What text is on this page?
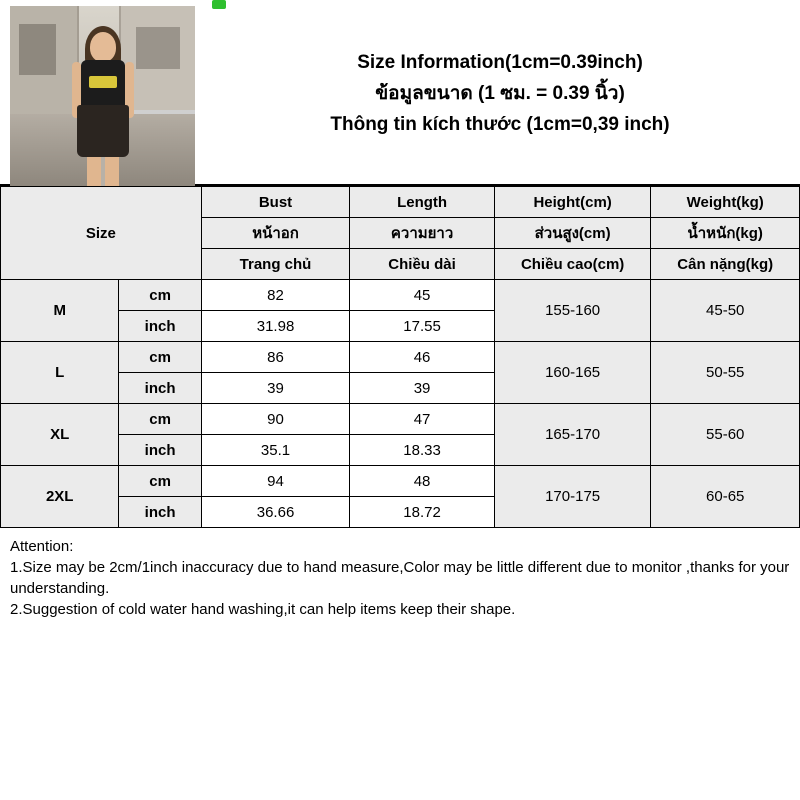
Size Information(1cm=0.39inch)
ข้อมูลขนาด (1 ซม. = 0.39 นิ้ว)
Thông tin kích thước (1cm=0,39 inch)
Size		Bust	Length	Height(cm)	Weight(kg)
		หน้าอก	ความยาว	ส่วนสูง(cm)	น้ำหนัก(kg)
		Trang chủ	Chiều dài	Chiều cao(cm)	Cân nặng(kg)
M	cm	82	45	155-160	45-50
	inch	31.98	17.55		
L	cm	86	46	160-165	50-55
	inch	39	39		
XL	cm	90	47	165-170	55-60
	inch	35.1	18.33		
2XL	cm	94	48	170-175	60-65
	inch	36.66	18.72		
Attention:
1.Size may be 2cm/1inch inaccuracy due to hand measure,Color may be little different due to monitor ,thanks for your understanding.
2.Suggestion of cold water hand washing,it can help items keep their shape.
